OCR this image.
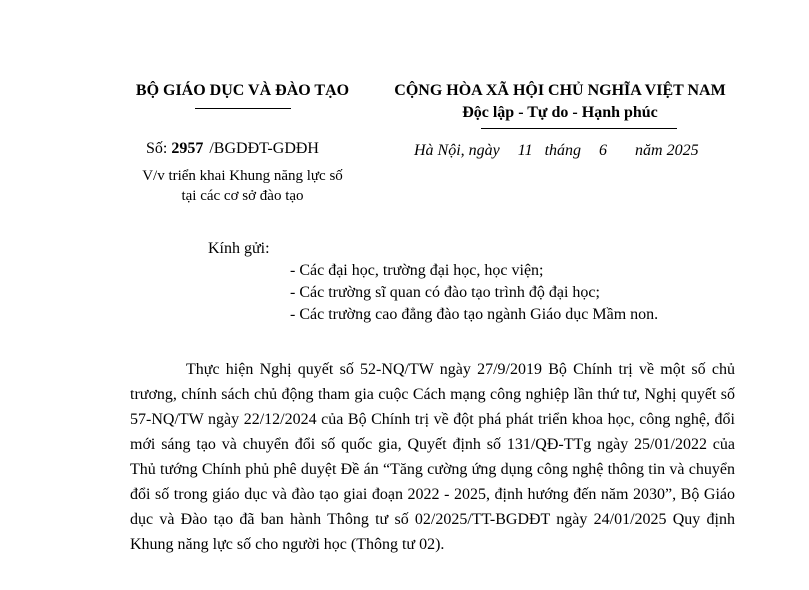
BỘ GIÁO DỤC VÀ ĐÀO TẠO	CỘNG HÒA XÃ HỘI CHỦ NGHĨA VIỆT NAM
Độc lập - Tự do - Hạnh phúc
Số: 2957 /BGDĐT-GDĐH	Hà Nội, ngày 11 tháng 6 năm 2025
V/v triển khai Khung năng lực số
tại các cơ sở đào tạo
Kính gửi:
- Các đại học, trường đại học, học viện;
- Các trường sĩ quan có đào tạo trình độ đại học;
- Các trường cao đẳng đào tạo ngành Giáo dục Mầm non.
Thực hiện Nghị quyết số 52-NQ/TW ngày 27/9/2019 Bộ Chính trị về một số chủ trương, chính sách chủ động tham gia cuộc Cách mạng công nghiệp lần thứ tư, Nghị quyết số 57-NQ/TW ngày 22/12/2024 của Bộ Chính trị về đột phá phát triển khoa học, công nghệ, đổi mới sáng tạo và chuyển đổi số quốc gia, Quyết định số 131/QĐ-TTg ngày 25/01/2022 của Thủ tướng Chính phủ phê duyệt Đề án “Tăng cường ứng dụng công nghệ thông tin và chuyển đổi số trong giáo dục và đào tạo giai đoạn 2022 - 2025, định hướng đến năm 2030”, Bộ Giáo dục và Đào tạo đã ban hành Thông tư số 02/2025/TT-BGDĐT ngày 24/01/2025 Quy định Khung năng lực số cho người học (Thông tư 02).
